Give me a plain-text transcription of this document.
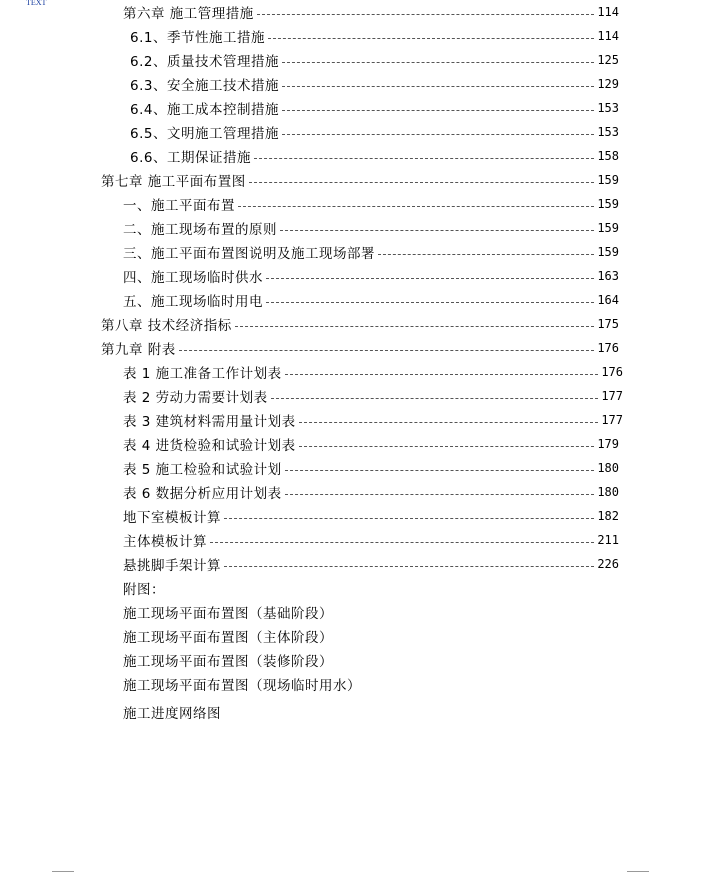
TEXT
第六章 施工管理措施	114
6.1、季节性施工措施	114
6.2、质量技术管理措施	125
6.3、安全施工技术措施	129
6.4、施工成本控制措施	153
6.5、文明施工管理措施	153
6.6、工期保证措施	158
第七章 施工平面布置图	159
一、施工平面布置	159
二、施工现场布置的原则	159
三、施工平面布置图说明及施工现场部署	159
四、施工现场临时供水	163
五、施工现场临时用电	164
第八章 技术经济指标	175
第九章 附表	176
表 1 施工准备工作计划表	176
表 2 劳动力需要计划表	177
表 3 建筑材料需用量计划表	177
表 4 进货检验和试验计划表	179
表 5 施工检验和试验计划	180
表 6 数据分析应用计划表	180
地下室模板计算	182
主体模板计算	211
悬挑脚手架计算	226
附图：
施工现场平面布置图（基础阶段）
施工现场平面布置图（主体阶段）
施工现场平面布置图（装修阶段）
施工现场平面布置图（现场临时用水）
施工进度网络图
